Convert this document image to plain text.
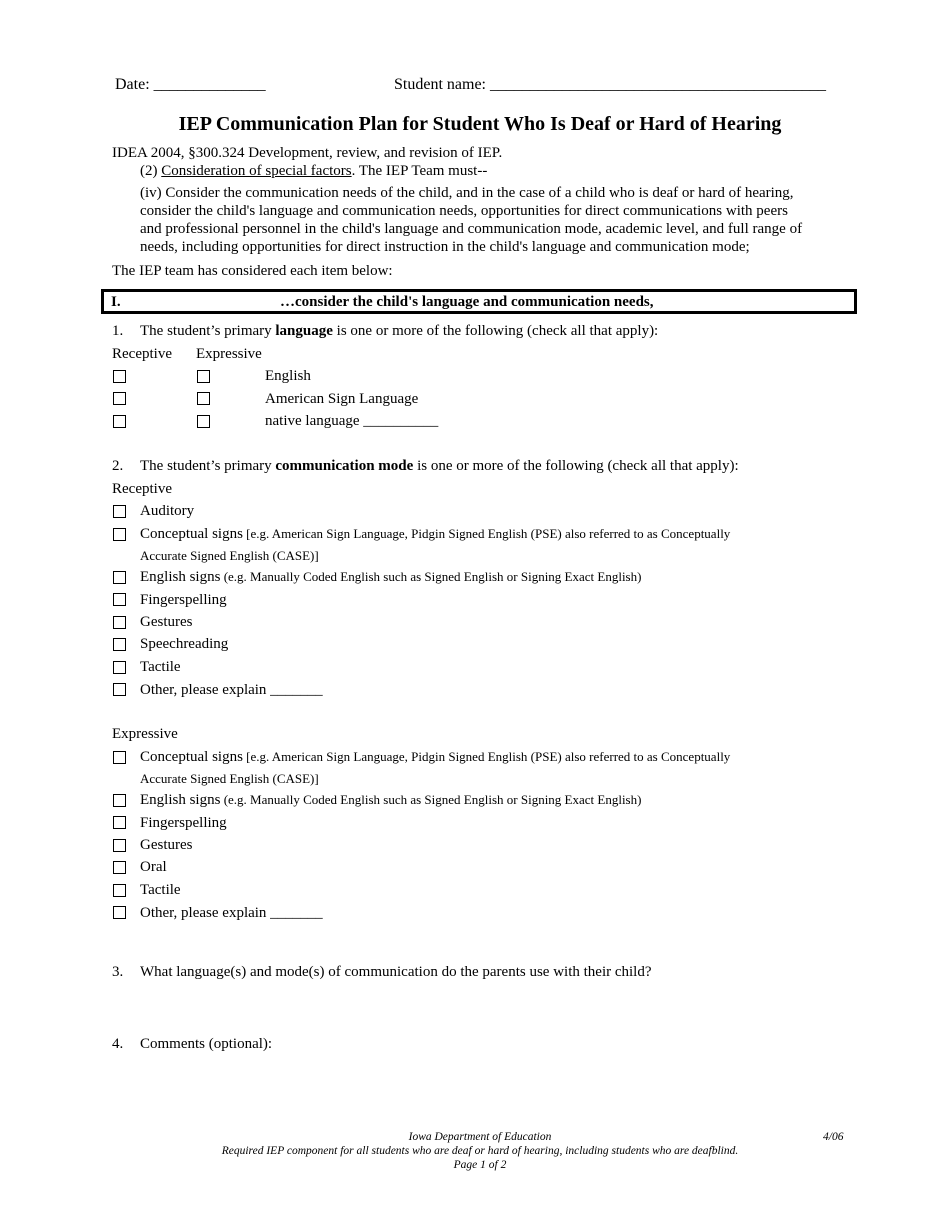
Date: ______________	Student name: __________________________________________
IEP Communication Plan for Student Who Is Deaf or Hard of Hearing
IDEA 2004, §300.324 Development, review, and revision of IEP.
(2) Consideration of special factors. The IEP Team must--
(iv) Consider the communication needs of the child, and in the case of a child who is deaf or hard of hearing,
consider the child's language and communication needs, opportunities for direct communications with peers
and professional personnel in the child's language and communication mode, academic level, and full range of
needs, including opportunities for direct instruction in the child's language and communication mode;
The IEP team has considered each item below:
I.	…consider the child's language and communication needs,
1. The student’s primary language is one or more of the following (check all that apply):
Receptive Expressive
English
American Sign Language
native language __________
2. The student’s primary communication mode is one or more of the following (check all that apply):
Receptive
Auditory
Conceptual signs [e.g. American Sign Language, Pidgin Signed English (PSE) also referred to as Conceptually
Accurate Signed English (CASE)]
English signs (e.g. Manually Coded English such as Signed English or Signing Exact English)
Fingerspelling
Gestures
Speechreading
Tactile
Other, please explain _______
Expressive
Conceptual signs [e.g. American Sign Language, Pidgin Signed English (PSE) also referred to as Conceptually
Accurate Signed English (CASE)]
English signs (e.g. Manually Coded English such as Signed English or Signing Exact English)
Fingerspelling
Gestures
Oral
Tactile
Other, please explain _______
3. What language(s) and mode(s) of communication do the parents use with their child?
4. Comments (optional):
Iowa Department of Education	4/06
Required IEP component for all students who are deaf or hard of hearing, including students who are deafblind.
Page 1 of 2
